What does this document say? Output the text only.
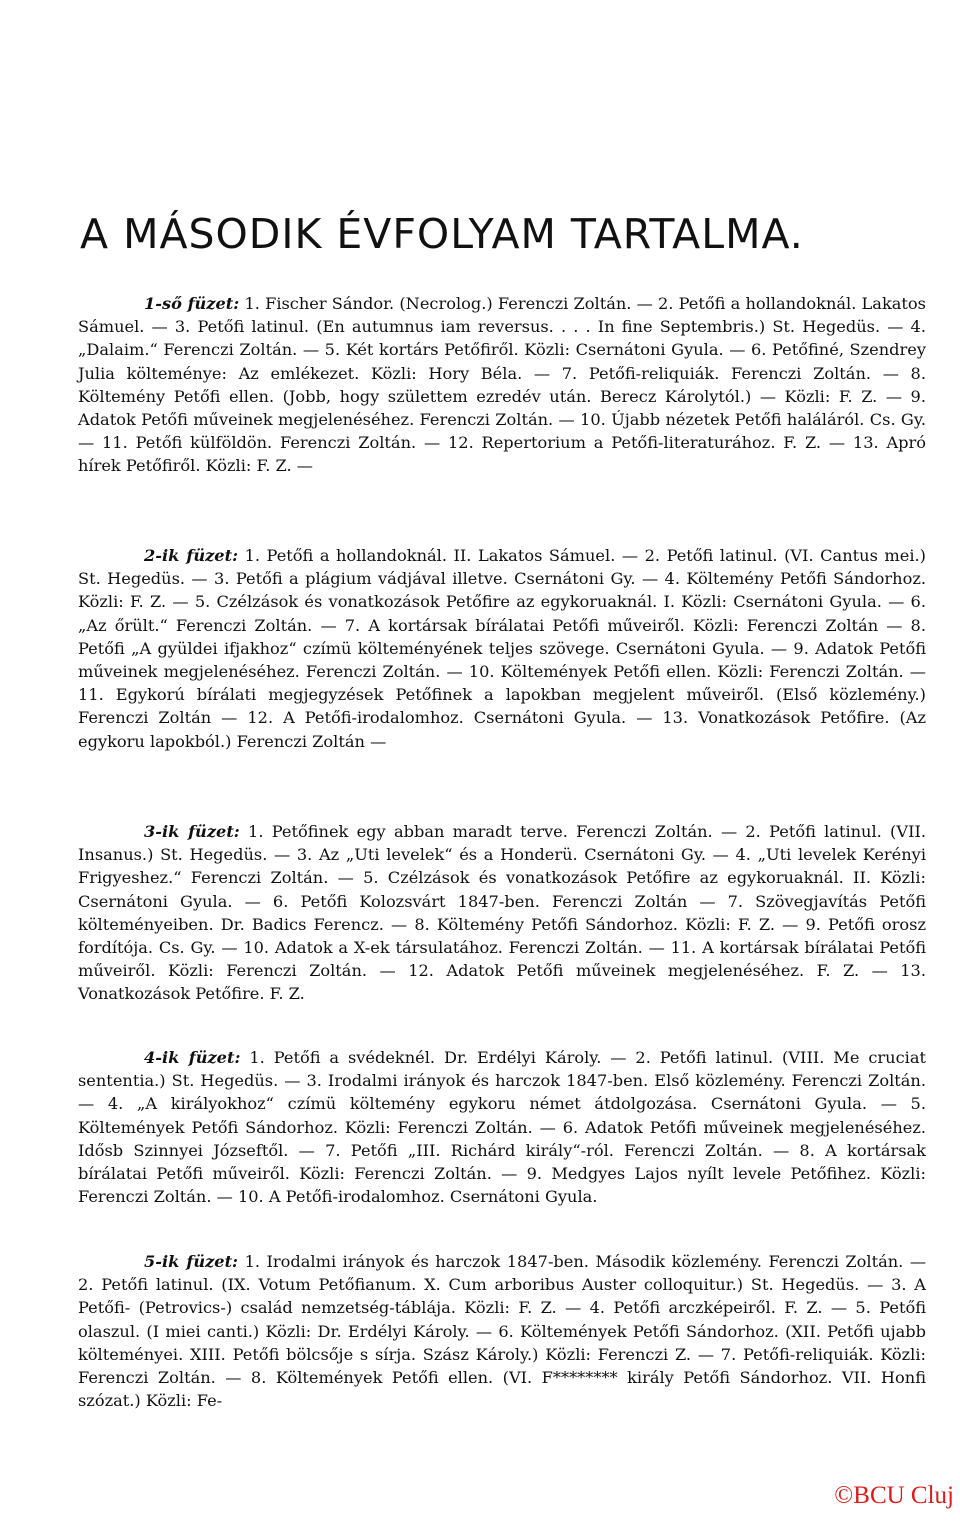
A MÁSODIK ÉVFOLYAM TARTALMA.

1-ső füzet: 1. Fischer Sándor. (Necrolog.) Ferenczi Zoltán. — 2. Petőfi a hollandoknál. Lakatos Sámuel. — 3. Petőfi latinul. (En autumnus iam reversus. . . . In fine Septembris.) St. Hegedüs. — 4. „Dalaim.“ Ferenczi Zoltán. — 5. Két kortárs Petőfiről. Közli: Csernátoni Gyula. — 6. Petőfiné, Szendrey Julia költeménye: Az emlékezet. Közli: Hory Béla. — 7. Petőfi-reliquiák. Ferenczi Zoltán. — 8. Költemény Petőfi ellen. (Jobb, hogy születtem ezredév után. Berecz Károlytól.) — Közli: F. Z. — 9. Adatok Petőfi műveinek megjelenéséhez. Ferenczi Zoltán. — 10. Újabb nézetek Petőfi haláláról. Cs. Gy. — 11. Petőfi külföldön. Ferenczi Zoltán. — 12. Repertorium a Petőfi-literaturához. F. Z. — 13. Apró hírek Petőfiről. Közli: F. Z. —

2-ik füzet: 1. Petőfi a hollandoknál. II. Lakatos Sámuel. — 2. Petőfi latinul. (VI. Cantus mei.) St. Hegedüs. — 3. Petőfi a plágium vádjával illetve. Csernátoni Gy. — 4. Költemény Petőfi Sándorhoz. Közli: F. Z. — 5. Czélzások és vonatkozások Petőfire az egykoruaknál. I. Közli: Csernátoni Gyula. — 6. „Az őrült.“ Ferenczi Zoltán. — 7. A kortársak bírálatai Petőfi műveiről. Közli: Ferenczi Zoltán — 8. Petőfi „A gyüldei ifjakhoz“ czímü költeményének teljes szövege. Csernátoni Gyula. — 9. Adatok Petőfi műveinek megjelenéséhez. Ferenczi Zoltán. — 10. Költemények Petőfi ellen. Közli: Ferenczi Zoltán. — 11. Egykorú bírálati megjegyzések Petőfinek a lapokban megjelent műveiről. (Első közlemény.) Ferenczi Zoltán — 12. A Petőfi-irodalomhoz. Csernátoni Gyula. — 13. Vonatkozások Petőfire. (Az egykoru lapokból.) Ferenczi Zoltán —

3-ik füzet: 1. Petőfinek egy abban maradt terve. Ferenczi Zoltán. — 2. Petőfi latinul. (VII. Insanus.) St. Hegedüs. — 3. Az „Uti levelek“ és a Honderü. Csernátoni Gy. — 4. „Uti levelek Kerényi Frigyeshez.“ Ferenczi Zoltán. — 5. Czélzások és vonatkozások Petőfire az egykoruaknál. II. Közli: Csernátoni Gyula. — 6. Petőfi Kolozsvárt 1847-ben. Ferenczi Zoltán — 7. Szövegjavítás Petőfi költeményeiben. Dr. Badics Ferencz. — 8. Költemény Petőfi Sándorhoz. Közli: F. Z. — 9. Petőfi orosz fordítója. Cs. Gy. — 10. Adatok a X-ek társulatához. Ferenczi Zoltán. — 11. A kortársak bírálatai Petőfi műveiről. Közli: Ferenczi Zoltán. — 12. Adatok Petőfi műveinek megjelenéséhez. F. Z. — 13. Vonatkozások Petőfire. F. Z.

4-ik füzet: 1. Petőfi a svédeknél. Dr. Erdélyi Károly. — 2. Petőfi latinul. (VIII. Me cruciat sententia.) St. Hegedüs. — 3. Irodalmi irányok és harczok 1847-ben. Első közlemény. Ferenczi Zoltán. — 4. „A királyokhoz“ czímü költemény egykoru német átdolgozása. Csernátoni Gyula. — 5. Költemények Petőfi Sándorhoz. Közli: Ferenczi Zoltán. — 6. Adatok Petőfi műveinek megjelenéséhez. Idősb Szinnyei Józseftől. — 7. Petőfi „III. Richárd király“-ról. Ferenczi Zoltán. — 8. A kortársak bírálatai Petőfi műveiről. Közli: Ferenczi Zoltán. — 9. Medgyes Lajos nyílt levele Petőfihez. Közli: Ferenczi Zoltán. — 10. A Petőfi-irodalomhoz. Csernátoni Gyula.

5-ik füzet: 1. Irodalmi irányok és harczok 1847-ben. Második közlemény. Ferenczi Zoltán. — 2. Petőfi latinul. (IX. Votum Petőfianum. X. Cum arboribus Auster colloquitur.) St. Hegedüs. — 3. A Petőfi- (Petrovics-) család nemzetség-táblája. Közli: F. Z. — 4. Petőfi arczképeiről. F. Z. — 5. Petőfi olaszul. (I miei canti.) Közli: Dr. Erdélyi Károly. — 6. Költemények Petőfi Sándorhoz. (XII. Petőfi ujabb költeményei. XIII. Petőfi bölcsője s sírja. Szász Károly.) Közli: Ferenczi Z. — 7. Petőfi-reliquiák. Közli: Ferenczi Zoltán. — 8. Költemények Petőfi ellen. (VI. F******** király Petőfi Sándorhoz. VII. Honfi szózat.) Közli: Fe-

©BCU Cluj
